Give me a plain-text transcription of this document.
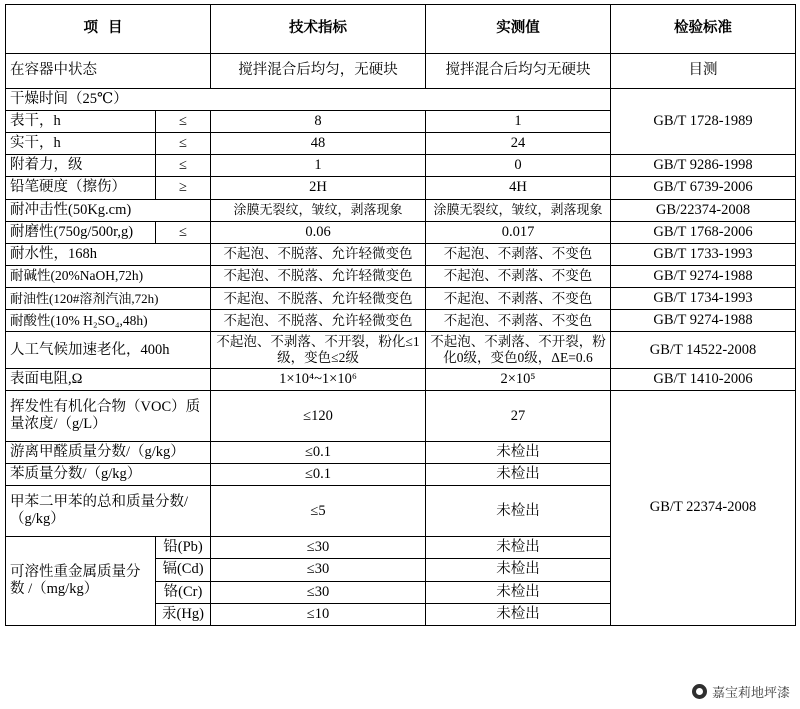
项目		技术指标	实测值	检验标准
在容器中状态		搅拌混合后均匀，无硬块	搅拌混合后均匀无硬块	目测
干燥时间（25℃）				GB/T 1728-1989
表干，h	≤	8	1	
实干，h	≤	48	24	
附着力，级	≤	1	0	GB/T 9286-1998
铅笔硬度（擦伤）	≥	2H	4H	GB/T 6739-2006
耐冲击性(50Kg.cm)		涂膜无裂纹，皱纹，剥落现象	涂膜无裂纹，皱纹，剥落现象	GB/22374-2008
耐磨性(750g/500r,g)	≤	0.06	0.017	GB/T 1768-2006
耐水性，168h		不起泡、不脱落、允许轻微变色	不起泡、不剥落、不变色	GB/T 1733-1993
耐碱性(20%NaOH,72h)		不起泡、不脱落、允许轻微变色	不起泡、不剥落、不变色	GB/T 9274-1988
耐油性(120#溶剂汽油,72h)		不起泡、不脱落、允许轻微变色	不起泡、不剥落、不变色	GB/T 1734-1993
耐酸性(10% H₂SO₄,48h)		不起泡、不脱落、允许轻微变色	不起泡、不剥落、不变色	GB/T 9274-1988
人工气候加速老化，400h		不起泡、不剥落、不开裂，粉化≤1级，变色≤2级	不起泡、不剥落、不开裂，粉化0级，变色0级，ΔE=0.6	GB/T 14522-2008
表面电阻,Ω		1×10⁴~1×10⁶	2×10⁵	GB/T 1410-2006
挥发性有机化合物（VOC）质量浓度/（g/L）		≤120	27	GB/T 22374-2008
游离甲醛质量分数/（g/kg）		≤0.1	未检出	
苯质量分数/（g/kg）		≤0.1	未检出	
甲苯二甲苯的总和质量分数/（g/kg）		≤5	未检出	
可溶性重金属质量分数 /（mg/kg）	铅(Pb)	≤30	未检出	
	镉(Cd)	≤30	未检出	
	铬(Cr)	≤30	未检出	
	汞(Hg)	≤10	未检出	
嘉宝莉地坪漆
